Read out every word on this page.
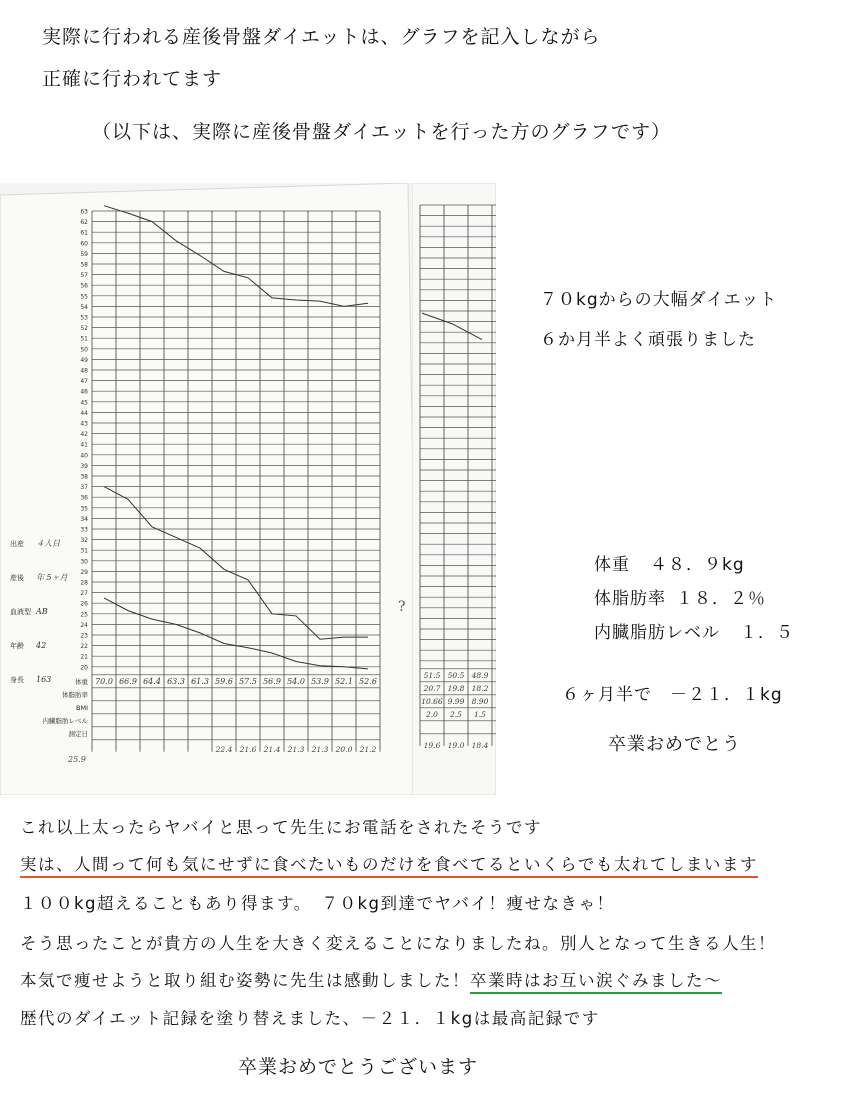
実際に行われる産後骨盤ダイエットは、グラフを記入しながら
正確に行われてます
（以下は、実際に産後骨盤ダイエットを行った方のグラフです）
63
62
61
60
59
58
57
56
55
54
53
52
51
50
49
48
47
46
45
44
43
42
41
40
39
38
37
36
35
34
33
32
31
30
29
28
27
26
25
24
23
22
21
20
体重
体脂肪率
BMI
内臓脂肪レベル
測定日
70.0 66.9 64.4 63.3 61.3 59.6 57.5 56.9 54.0 53.9 52.1 52.6
25.9
22.4 21.6 21.4 21.3 21.3 20.0 21.2
出産 ４人目
産後 年 5ヶ月
血液型 AB
年齢 42
身長 163
?
51.5 50.5 48.9
20.7 19.8 18.2
10.66 9.99 8.90
2.0 2.5 1.5
19.6 19.0 18.4
７０kgからの大幅ダイエット
６か月半よく頑張りました
体重 ４８．９kg
体脂肪率 １８．２％
内臓脂肪レベル １．５
６ヶ月半で　－２１．１kg
卒業おめでとう
これ以上太ったらヤバイと思って先生にお電話をされたそうです
実は、人間って何も気にせずに食べたいものだけを食べてるといくらでも太れてしまいます
１００kg超えることもあり得ます。　７０kg到達でヤバイ！痩せなきゃ！
そう思ったことが貴方の人生を大きく変えることになりましたね。別人となって生きる人生！
本気で痩せようと取り組む姿勢に先生は感動しました！卒業時はお互い涙ぐみました～
歴代のダイエット記録を塗り替えました、－２１．１kgは最高記録です
卒業おめでとうございます
